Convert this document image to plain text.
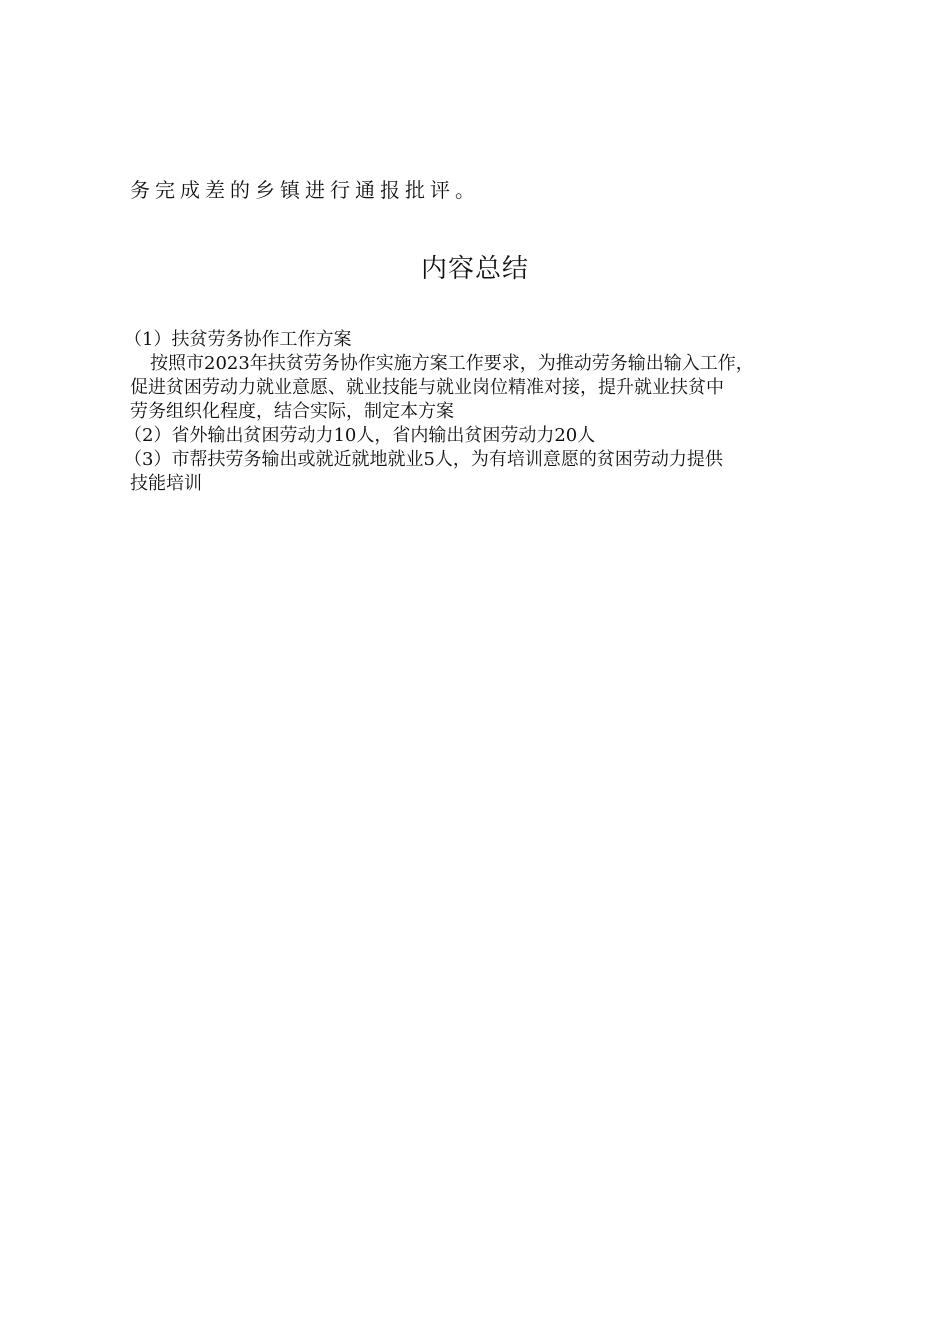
务完成差的乡镇进行通报批评。
内容总结

（1）扶贫劳务协作工作方案

按照市2023年扶贫劳务协作实施方案工作要求，为推动劳务输出输入工作，

促进贫困劳动力就业意愿、就业技能与就业岗位精准对接，提升就业扶贫中

劳务组织化程度，结合实际，制定本方案

（2）省外输出贫困劳动力10人，省内输出贫困劳动力20人

（3）市帮扶劳务输出或就近就地就业5人，为有培训意愿的贫困劳动力提供

技能培训
